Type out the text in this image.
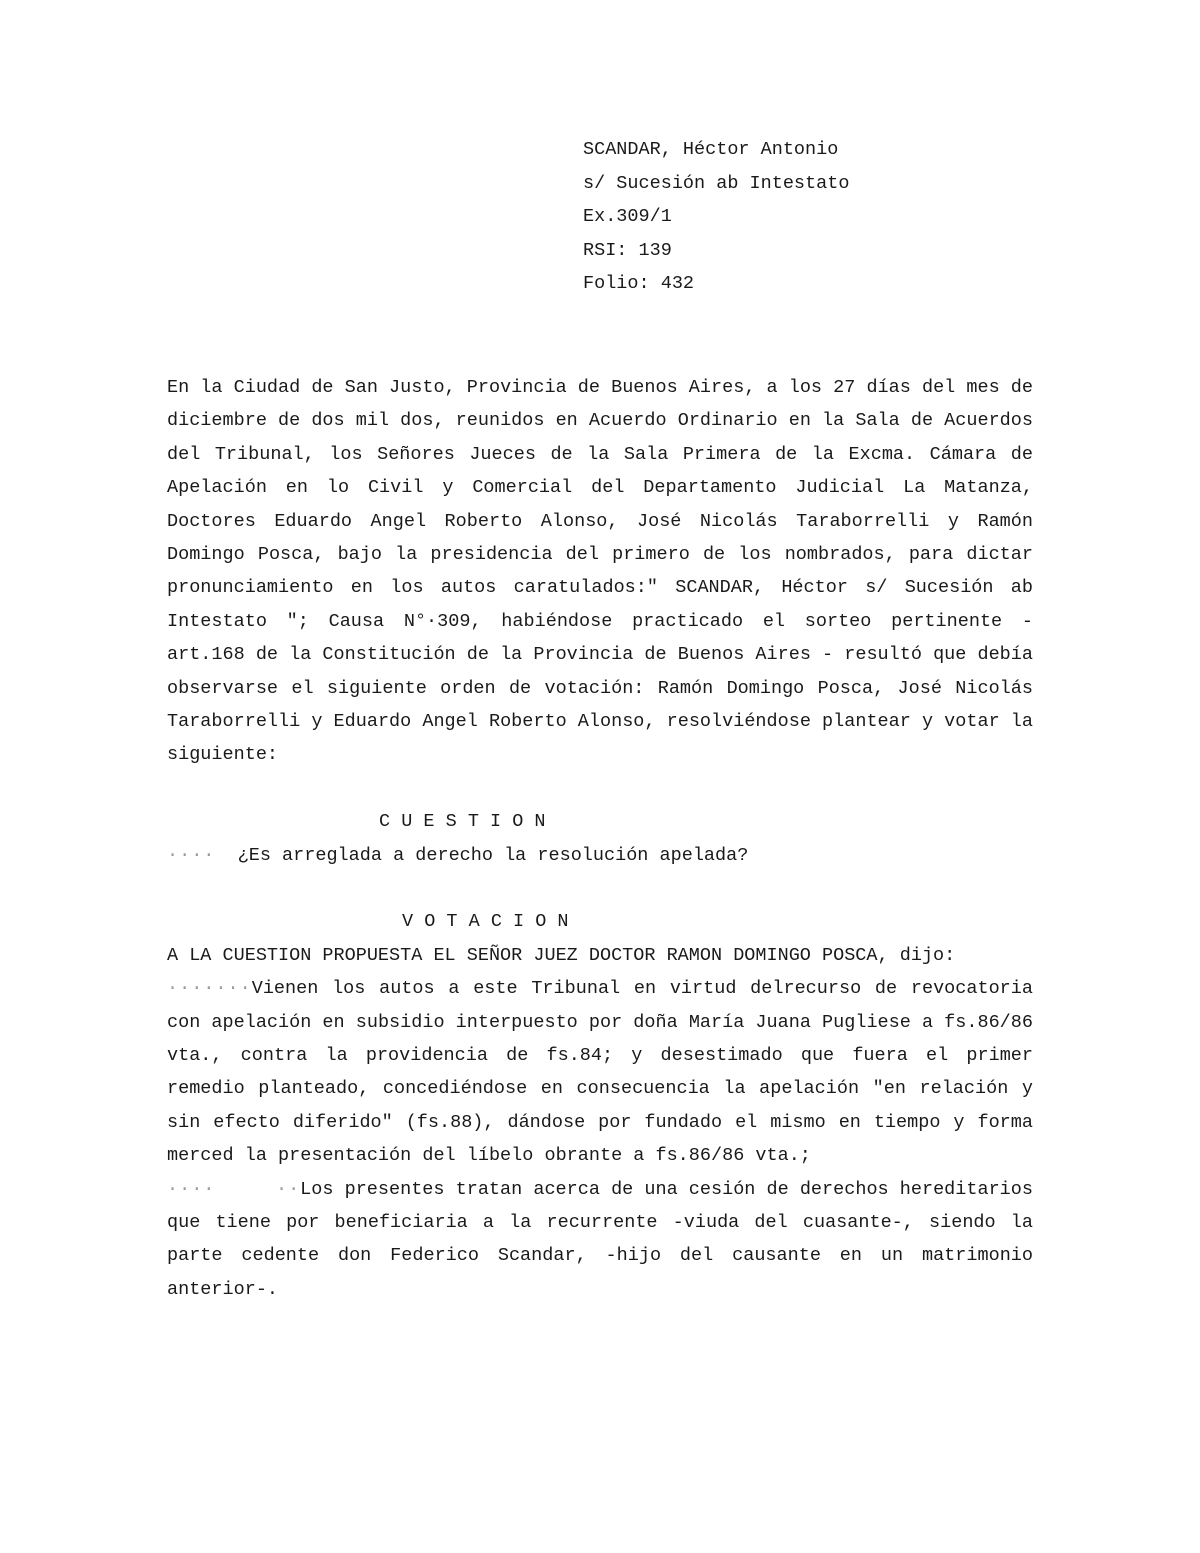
SCANDAR, Héctor Antonio
s/ Sucesión ab Intestato
Ex.309/1
RSI: 139
Folio: 432

En la Ciudad de San Justo, Provincia de Buenos Aires, a los 27 días del mes de diciembre de dos mil dos, reunidos en Acuerdo Ordinario en la Sala de Acuerdos del Tribunal, los Señores Jueces de la Sala Primera de la Excma. Cámara de Apelación en lo Civil y Comercial del Departamento Judicial La Matanza, Doctores Eduardo Angel Roberto Alonso, José Nicolás Taraborrelli y Ramón Domingo Posca, bajo la presidencia del primero de los nombrados, para dictar pronunciamiento en los autos caratulados:" SCANDAR, Héctor s/ Sucesión ab Intestato "; Causa N°·309, habiéndose practicado el sorteo pertinente - art.168 de la Constitución de la Provincia de Buenos Aires - resultó que debía observarse el siguiente orden de votación: Ramón Domingo Posca, José Nicolás Taraborrelli y Eduardo Angel Roberto Alonso, resolviéndose plantear y votar la siguiente:

C U E S T I O N
···· ¿Es arreglada a derecho la resolución apelada?
V O T A C I O N
A LA CUESTION PROPUESTA EL SEÑOR JUEZ DOCTOR RAMON DOMINGO POSCA, dijo:

·······Vienen los autos a este Tribunal en virtud delrecurso de revocatoria con apelación en subsidio interpuesto por doña María Juana Pugliese a fs.86/86 vta., contra la providencia de fs.84; y desestimado que fuera el primer remedio planteado, concediéndose en consecuencia la apelación "en relación y sin efecto diferido" (fs.88), dándose por fundado el mismo en tiempo y forma merced la presentación del líbelo obrante a fs.86/86 vta.;

····     ··Los presentes tratan acerca de una cesión de derechos hereditarios que tiene por beneficiaria a la recurrente -viuda del cuasante-, siendo la parte cedente don Federico Scandar, -hijo del causante en un matrimonio anterior-.
